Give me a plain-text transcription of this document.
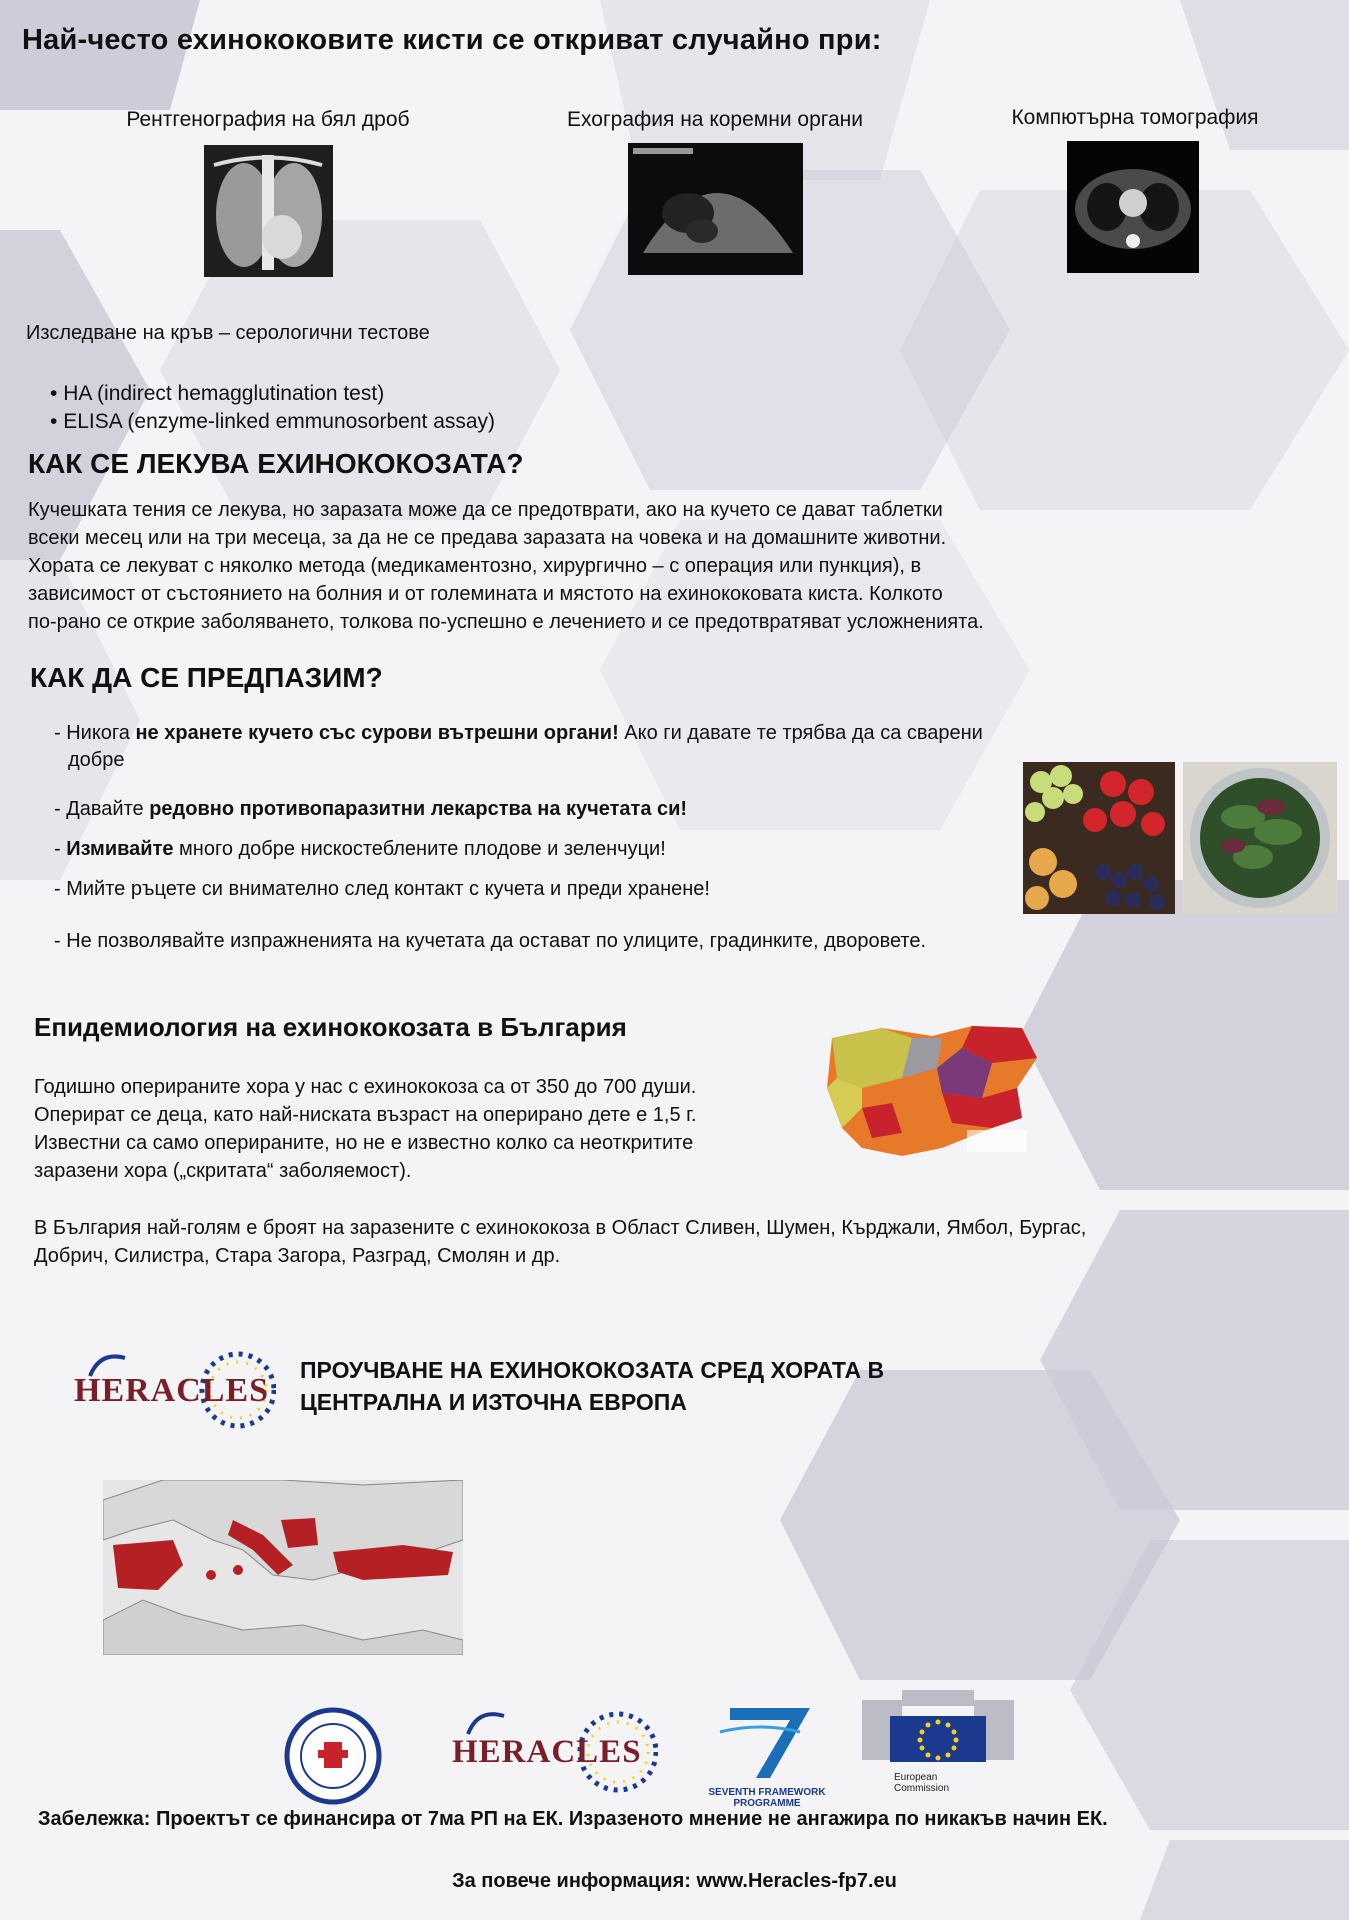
Най-често ехинококовите кисти се откриват случайно при:
Рентгенография на бял дроб	Ехография на коремни органи	Компютърна томография
Изследване на кръв – серологични тестове
• HA (indirect hemagglutination test)
• ELISA (enzyme-linked emmunosorbent assay)
КАК СЕ ЛЕКУВА ЕХИНОКОКОЗАТА?
Кучешката тения се лекува, но заразата може да се предотврати, ако на кучето се дават таблетки
всеки месец или на три месеца, за да не се предава заразата на човека и на домашните животни.
Хората се лекуват с няколко метода (медикаментозно, хирургично – с операция или пункция), в
зависимост от състоянието на болния и от големината и мястото на ехинококовата киста. Колкото
по-рано се открие заболяването, толкова по-успешно е лечението и се предотвратяват усложненията.
КАК ДА СЕ ПРЕДПАЗИМ?
- Никога не хранете кучето със сурови вътрешни органи! Ако ги давате те трябва да са сварени
добре
- Давайте редовно противопаразитни лекарства на кучетата си!
- Измивайте много добре нискостеблените плодове и зеленчуци!
- Мийте ръцете си внимателно след контакт с кучета и преди хранене!
- Не позволявайте изпражненията на кучетата да остават по улиците, градинките, дворовете.
Епидемиология на ехинококозата в България
Годишно оперираните хора у нас с ехинококоза са от 350 до 700 души.
Оперират се деца, като най-ниската възраст на оперирано дете е 1,5 г.
Известни са само оперираните, но не е известно колко са неоткритите
заразени хора („скритата“ заболяемост).
В България най-голям е броят на заразените с ехинококоза в Област Сливен, Шумен, Кърджали, Ямбол, Бургас,
Добрич, Силистра, Стара Загора, Разград, Смолян и др.
HERACLES
ПРОУЧВАНЕ НА ЕХИНОКОКОЗАТА СРЕД ХОРАТА В
ЦЕНТРАЛНА И ИЗТОЧНА ЕВРОПА
HERACLES
SEVENTH FRAMEWORK
PROGRAMME
European
Commission
Забележка: Проектът се финансира от 7ма РП на ЕК. Изразеното мнение не ангажира по никакъв начин ЕК.
За повече информация: www.Heracles-fp7.eu
